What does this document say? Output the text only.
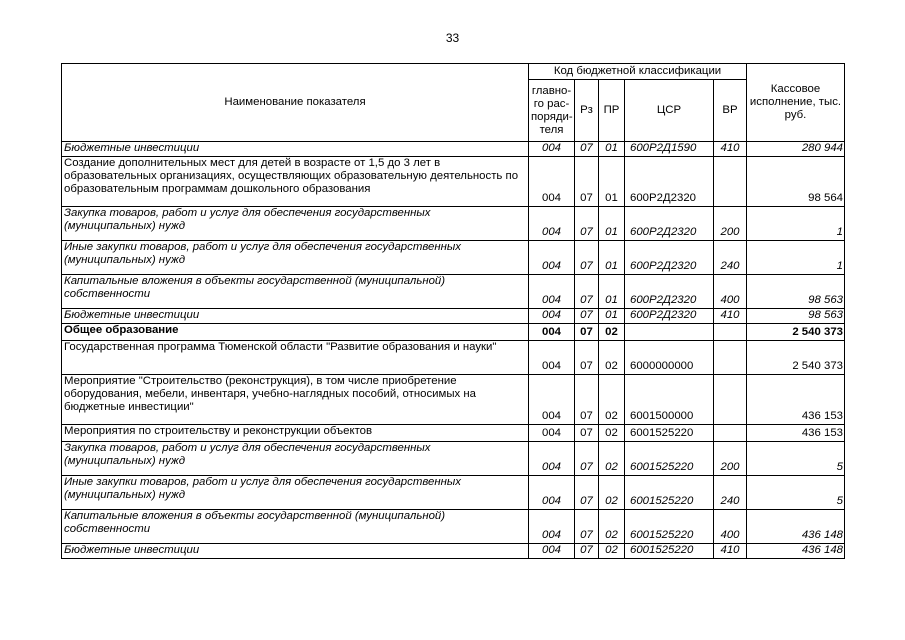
33
Наименование показателя	Код бюджетной классификации					Кассовое исполнение, тыс. руб.
	главно-го рас-поряди-теля	Рз	ПР	ЦСР	ВР	
Бюджетные инвестиции	004	07	01	600Р2Д1590	410	280 944
Создание дополнительных мест для детей в возрасте от 1,5 до 3 лет в образовательных организациях, осуществляющих образовательную деятельность по образовательным программам дошкольного образования	004	07	01	600Р2Д2320		98 564
Закупка товаров, работ и услуг для обеспечения государственных (муниципальных) нужд	004	07	01	600Р2Д2320	200	1
Иные закупки товаров, работ и услуг для обеспечения государственных (муниципальных) нужд	004	07	01	600Р2Д2320	240	1
Капитальные вложения в объекты государственной (муниципальной) собственности	004	07	01	600Р2Д2320	400	98 563
Бюджетные инвестиции	004	07	01	600Р2Д2320	410	98 563
Общее образование	004	07	02			2 540 373
Государственная программа Тюменской области "Развитие образования и науки"	004	07	02	6000000000		2 540 373
Мероприятие "Строительство (реконструкция), в том числе приобретение оборудования, мебели, инвентаря, учебно-наглядных пособий, относимых на бюджетные инвестиции"	004	07	02	6001500000		436 153
Мероприятия по строительству и реконструкции объектов	004	07	02	6001525220		436 153
Закупка товаров, работ и услуг для обеспечения государственных (муниципальных) нужд	004	07	02	6001525220	200	5
Иные закупки товаров, работ и услуг для обеспечения государственных (муниципальных) нужд	004	07	02	6001525220	240	5
Капитальные вложения в объекты государственной (муниципальной) собственности	004	07	02	6001525220	400	436 148
Бюджетные инвестиции	004	07	02	6001525220	410	436 148
